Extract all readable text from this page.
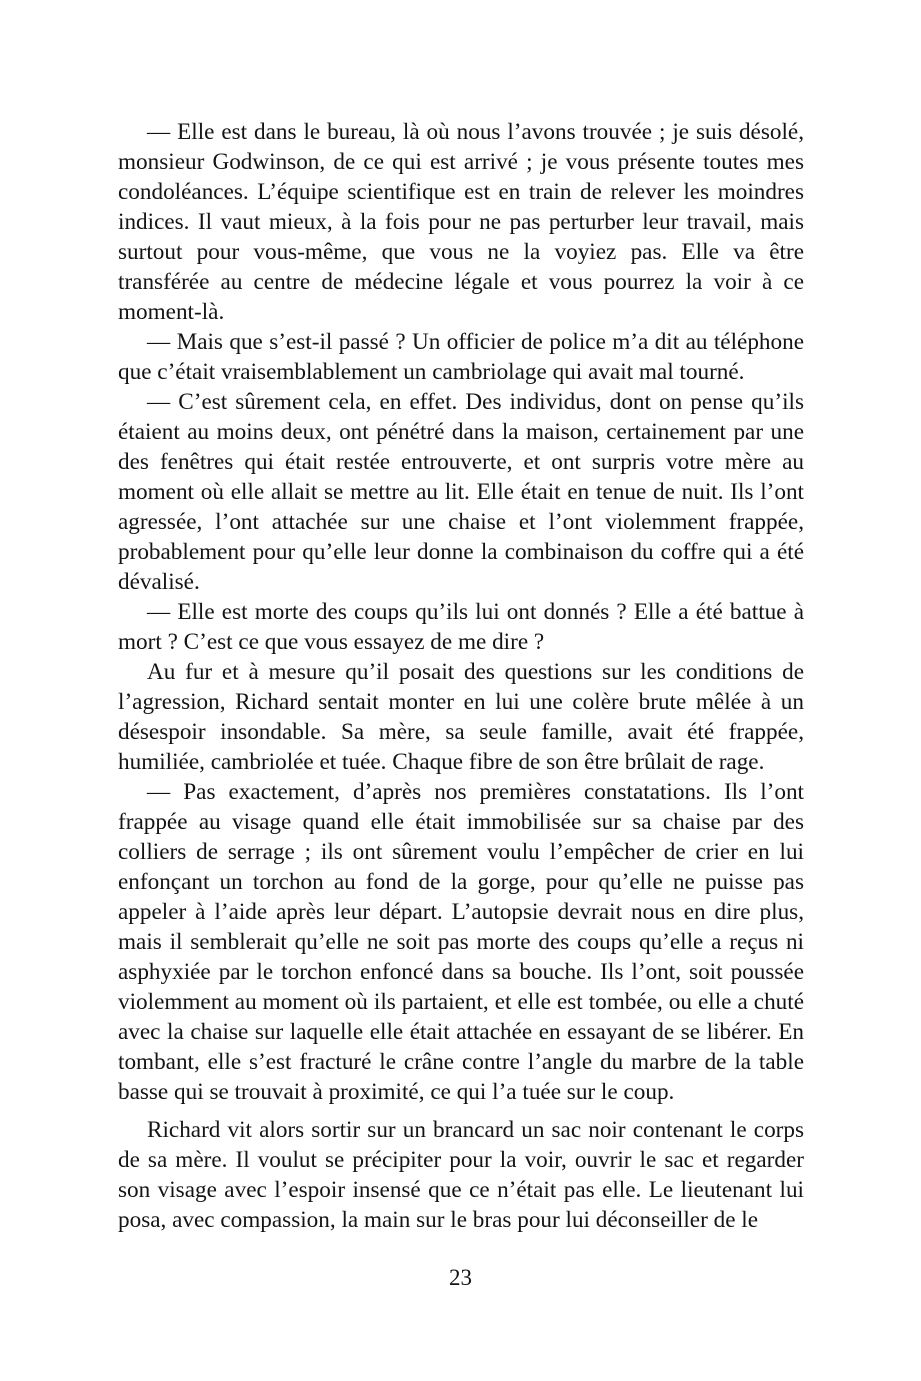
— Elle est dans le bureau, là où nous l’avons trouvée ; je suis désolé, monsieur Godwinson, de ce qui est arrivé ; je vous présente toutes mes condoléances. L’équipe scientifique est en train de relever les moindres indices. Il vaut mieux, à la fois pour ne pas perturber leur travail, mais surtout pour vous-même, que vous ne la voyiez pas. Elle va être transférée au centre de médecine légale et vous pourrez la voir à ce moment-là.

— Mais que s’est-il passé ? Un officier de police m’a dit au téléphone que c’était vraisemblablement un cambriolage qui avait mal tourné.

— C’est sûrement cela, en effet. Des individus, dont on pense qu’ils étaient au moins deux, ont pénétré dans la maison, certainement par une des fenêtres qui était restée entrouverte, et ont surpris votre mère au moment où elle allait se mettre au lit. Elle était en tenue de nuit. Ils l’ont agressée, l’ont attachée sur une chaise et l’ont violemment frappée, probablement pour qu’elle leur donne la combinaison du coffre qui a été dévalisé.

— Elle est morte des coups qu’ils lui ont donnés ? Elle a été battue à mort ? C’est ce que vous essayez de me dire ?

Au fur et à mesure qu’il posait des questions sur les conditions de l’agression, Richard sentait monter en lui une colère brute mêlée à un désespoir insondable. Sa mère, sa seule famille, avait été frappée, humiliée, cambriolée et tuée. Chaque fibre de son être brûlait de rage.

— Pas exactement, d’après nos premières constatations. Ils l’ont frappée au visage quand elle était immobilisée sur sa chaise par des colliers de serrage ; ils ont sûrement voulu l’empêcher de crier en lui enfonçant un torchon au fond de la gorge, pour qu’elle ne puisse pas appeler à l’aide après leur départ. L’autopsie devrait nous en dire plus, mais il semblerait qu’elle ne soit pas morte des coups qu’elle a reçus ni asphyxiée par le torchon enfoncé dans sa bouche. Ils l’ont, soit poussée violemment au moment où ils partaient, et elle est tombée, ou elle a chuté avec la chaise sur laquelle elle était attachée en essayant de se libérer. En tombant, elle s’est fracturé le crâne contre l’angle du marbre de la table basse qui se trouvait à proximité, ce qui l’a tuée sur le coup.

Richard vit alors sortir sur un brancard un sac noir contenant le corps de sa mère. Il voulut se précipiter pour la voir, ouvrir le sac et regarder son visage avec l’espoir insensé que ce n’était pas elle. Le lieutenant lui posa, avec compassion, la main sur le bras pour lui déconseiller de le

23
